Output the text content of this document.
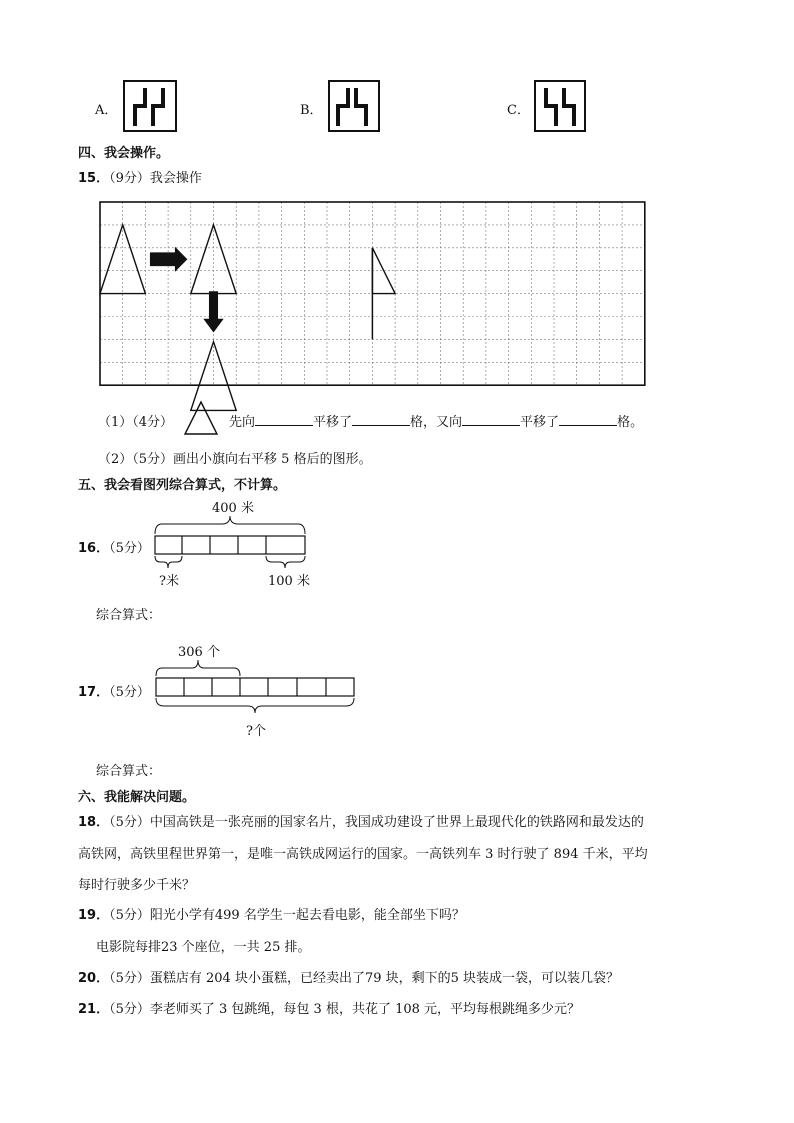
A．	B．	C．
四、我会操作。
15．（9分）我会操作
（1）（4分）	先向	平移了	格，又向	平移了	格。
（2）（5分）画出小旗向右平移 5 格后的图形。
五、我会看图列综合算式，不计算。
16．（5分）
400 米
?米	100 米
综合算式：
17．（5分）
306 个
?个
综合算式：
六、我能解决问题。
18．（5分）中国高铁是一张亮丽的国家名片，我国成功建设了世界上最现代化的铁路网和最发达的
高铁网，高铁里程世界第一，是唯一高铁成网运行的国家。一高铁列车 3 时行驶了 894 千米，平均
每时行驶多少千米？
19．（5分）阳光小学有499 名学生一起去看电影，能全部坐下吗？
电影院每排23 个座位，一共 25 排。
20．（5分）蛋糕店有 204 块小蛋糕，已经卖出了79 块，剩下的5 块装成一袋，可以装几袋？
21．（5分）李老师买了 3 包跳绳，每包 3 根，共花了 108 元，平均每根跳绳多少元？
